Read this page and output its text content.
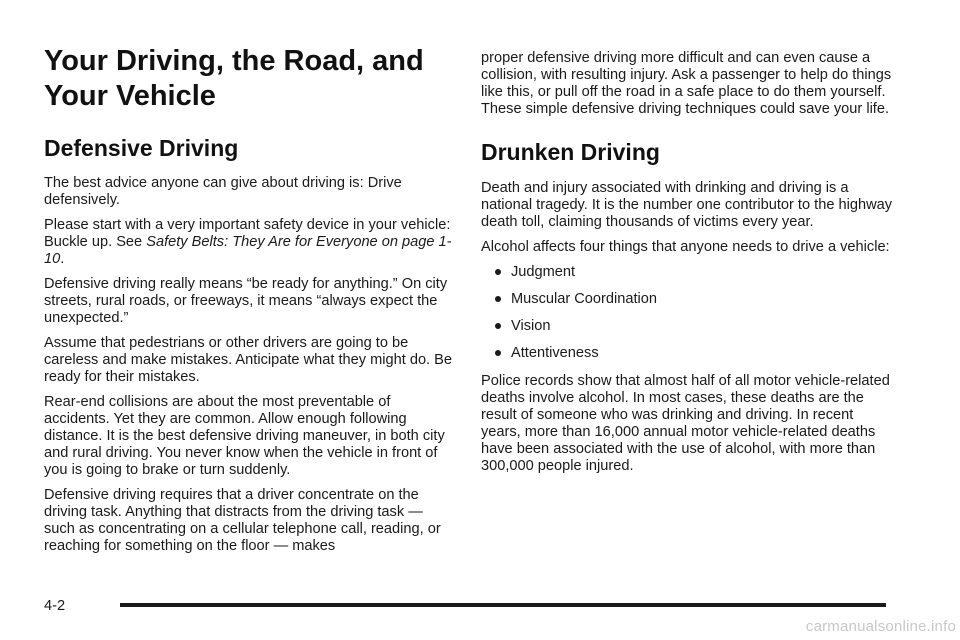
Your Driving, the Road, and
Your Vehicle
Defensive Driving

The best advice anyone can give about driving is: Drive defensively.

Please start with a very important safety device in your vehicle: Buckle up. See Safety Belts: They Are for Everyone on page 1-10.

Defensive driving really means “be ready for anything.” On city streets, rural roads, or freeways, it means “always expect the unexpected.”

Assume that pedestrians or other drivers are going to be careless and make mistakes. Anticipate what they might do. Be ready for their mistakes.

Rear-end collisions are about the most preventable of accidents. Yet they are common. Allow enough following distance. It is the best defensive driving maneuver, in both city and rural driving. You never know when the vehicle in front of you is going to brake or turn suddenly.

Defensive driving requires that a driver concentrate on the driving task. Anything that distracts from the driving task — such as concentrating on a cellular telephone call, reading, or reaching for something on the floor — makes

proper defensive driving more difficult and can even cause a collision, with resulting injury. Ask a passenger to help do things like this, or pull off the road in a safe place to do them yourself. These simple defensive driving techniques could save your life.

Drunken Driving

Death and injury associated with drinking and driving is a national tragedy. It is the number one contributor to the highway death toll, claiming thousands of victims every year.

Alcohol affects four things that anyone needs to drive a vehicle:

Judgment
Muscular Coordination
Vision
Attentiveness

Police records show that almost half of all motor vehicle-related deaths involve alcohol. In most cases, these deaths are the result of someone who was drinking and driving. In recent years, more than 16,000 annual motor vehicle-related deaths have been associated with the use of alcohol, with more than 300,000 people injured.

4-2
carmanualsonline.info
